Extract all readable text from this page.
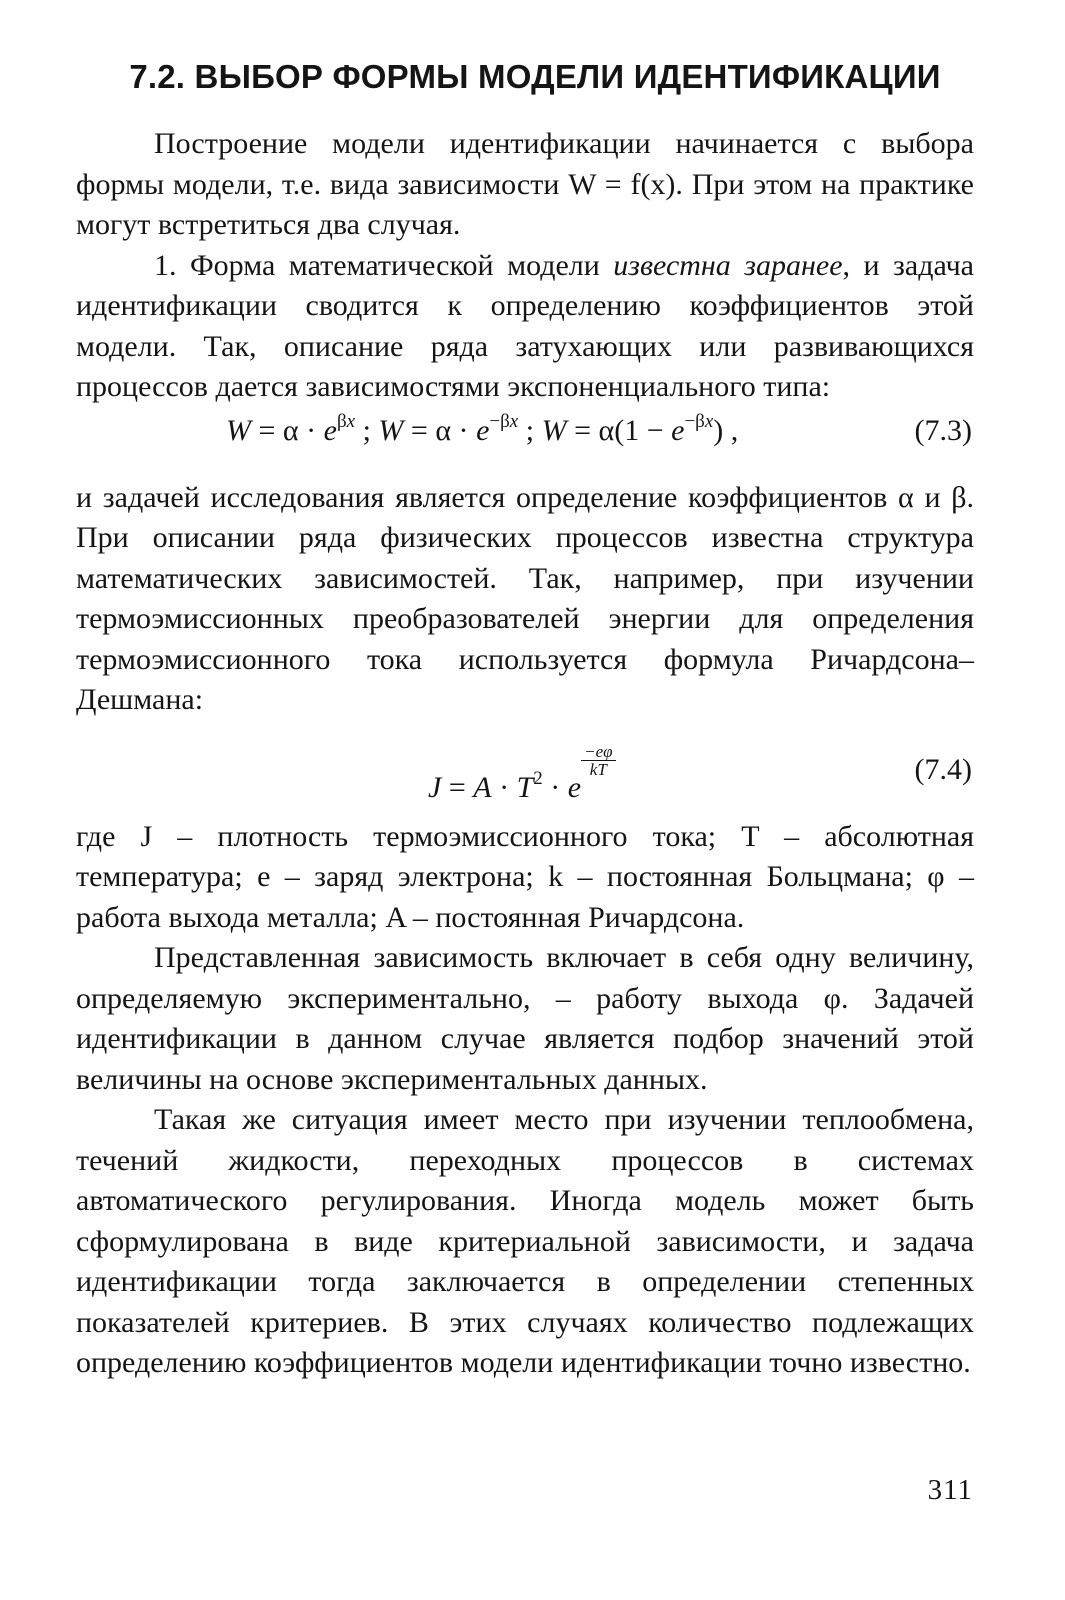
7.2. ВЫБОР ФОРМЫ МОДЕЛИ ИДЕНТИФИКАЦИИ

Построение модели идентификации начинается с выбора формы модели, т.е. вида зависимости W = f(x). При этом на практике могут встретиться два случая.

1. Форма математической модели известна заранее, и задача идентификации сводится к определению коэффициентов этой модели. Так, описание ряда затухающих или развивающихся процессов дается зависимостями экспоненциального типа:

$W = \alpha \cdot e^{\beta x}$ ; $W = \alpha \cdot e^{-\beta x}$ ; $W = \alpha(1 - e^{-\beta x})$ ,	(7.3)

и задачей исследования является определение коэффициентов α и β. При описании ряда физических процессов известна структура математических зависимостей. Так, например, при изучении термоэмиссионных преобразователей энергии для определения термоэмиссионного тока используется формула Ричардсона–Дешмана:

$J = A \cdot T^2 \cdot e$
$\frac{-e\varphi}{kT}$	(7.4)

где J – плотность термоэмиссионного тока; T – абсолютная температура; e – заряд электрона; k – постоянная Больцмана; φ – работа выхода металла; A – постоянная Ричардсона.

Представленная зависимость включает в себя одну величину, определяемую экспериментально, – работу выхода φ. Задачей идентификации в данном случае является подбор значений этой величины на основе экспериментальных данных.

Такая же ситуация имеет место при изучении теплообмена, течений жидкости, переходных процессов в системах автоматического регулирования. Иногда модель может быть сформулирована в виде критериальной зависимости, и задача идентификации тогда заключается в определении степенных показателей критериев. В этих случаях количество подлежащих определению коэффициентов модели идентификации точно известно.

311
